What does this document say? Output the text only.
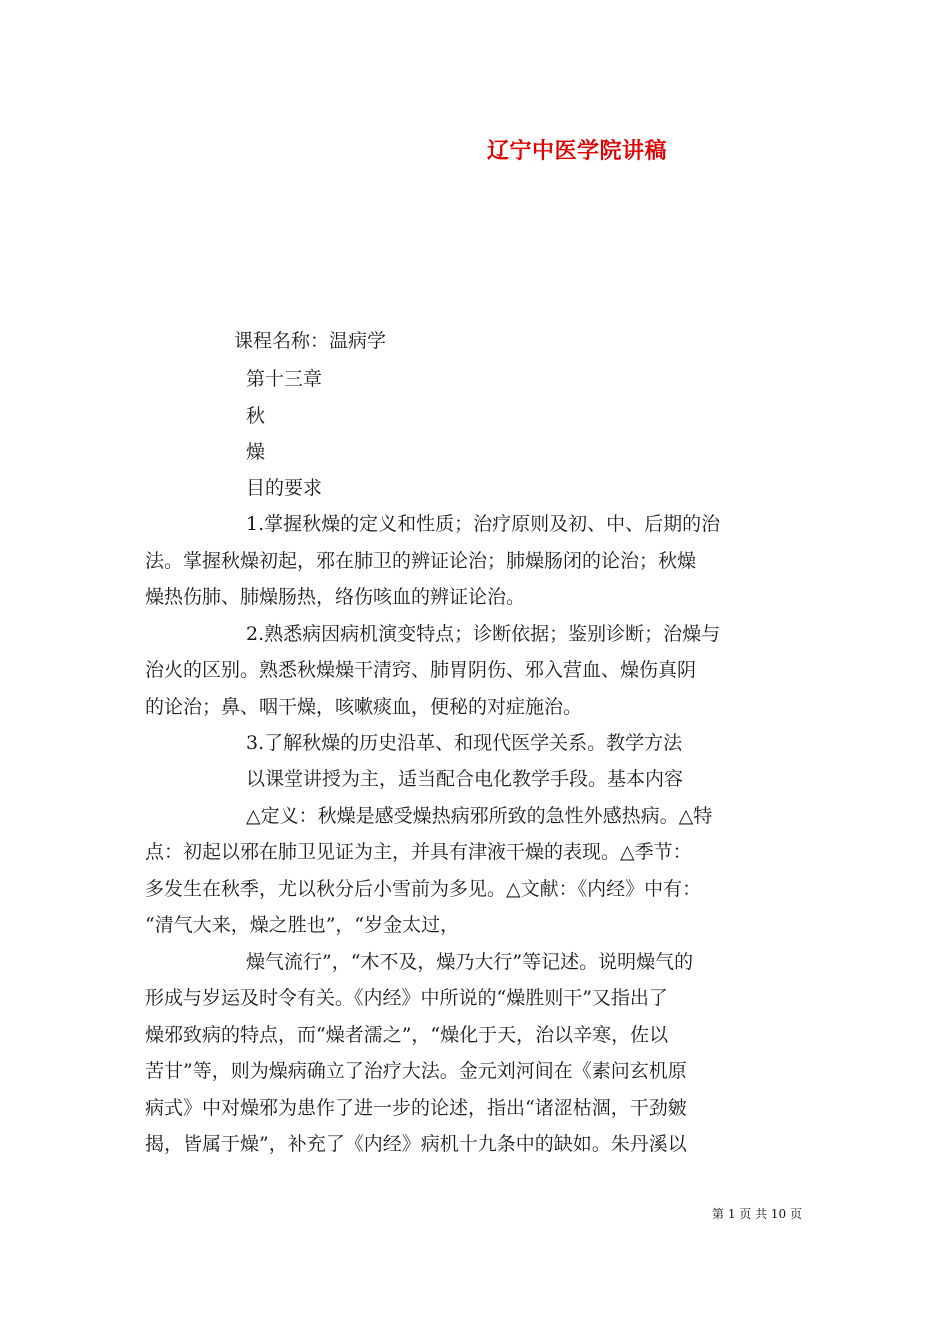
辽宁中医学院讲稿
课程名称：温病学
第十三章
秋
燥
目的要求
1.掌握秋燥的定义和性质；治疗原则及初、中、后期的治
法。掌握秋燥初起，邪在肺卫的辨证论治；肺燥肠闭的论治；秋燥
燥热伤肺、肺燥肠热，络伤咳血的辨证论治。
2.熟悉病因病机演变特点；诊断依据；鉴别诊断；治燥与
治火的区别。熟悉秋燥燥干清窍、肺胃阴伤、邪入营血、燥伤真阴
的论治；鼻、咽干燥，咳嗽痰血，便秘的对症施治。
3.了解秋燥的历史沿革、和现代医学关系。教学方法
以课堂讲授为主，适当配合电化教学手段。基本内容
△定义：秋燥是感受燥热病邪所致的急性外感热病。△特
点：初起以邪在肺卫见证为主，并具有津液干燥的表现。△季节：
多发生在秋季，尤以秋分后小雪前为多见。△文献：《内经》中有：
“清气大来，燥之胜也”，“岁金太过，
燥气流行”，“木不及，燥乃大行”等记述。说明燥气的
形成与岁运及时令有关。《内经》中所说的“燥胜则干”又指出了
燥邪致病的特点，而“燥者濡之”，“燥化于天，治以辛寒，佐以
苦甘”等，则为燥病确立了治疗大法。金元刘河间在《素问玄机原
病式》中对燥邪为患作了进一步的论述，指出“诸涩枯涸，干劲皴
揭，皆属于燥”，补充了《内经》病机十九条中的缺如。朱丹溪以
第 1 页 共 10 页
